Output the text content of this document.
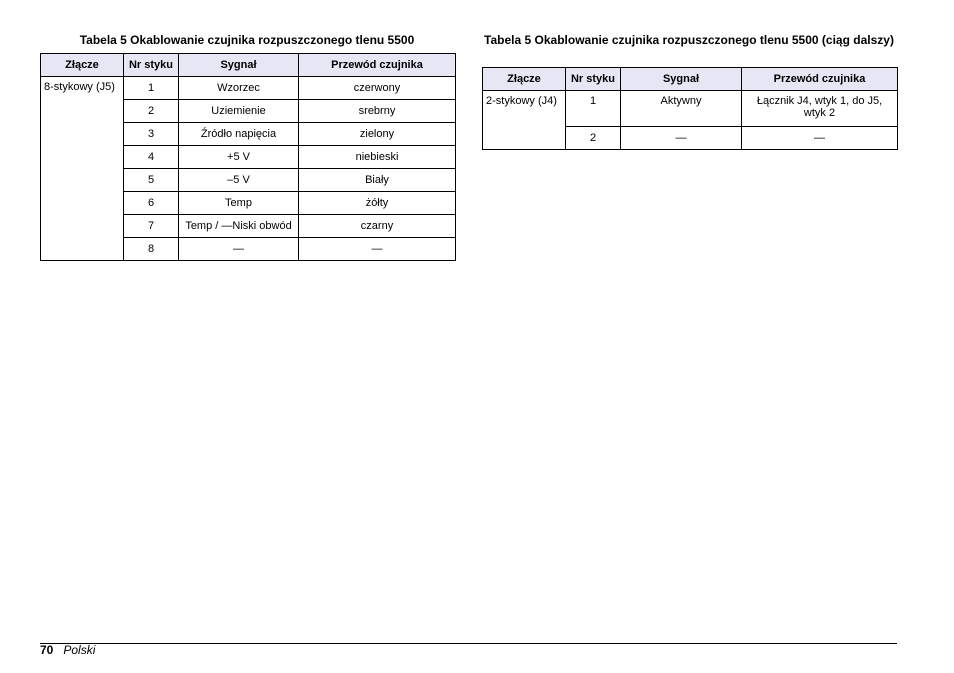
Tabela 5 Okablowanie czujnika rozpuszczonego tlenu 5500
Złącze	Nr styku	Sygnał	Przewód czujnika
8-stykowy (J5)	1	Wzorzec	czerwony
	2	Uziemienie	srebrny
	3	Źródło napięcia	zielony
	4	+5 V	niebieski
	5	–5 V	Biały
	6	Temp	żółty
	7	Temp / —Niski obwód	czarny
	8	—	—
Tabela 5 Okablowanie czujnika rozpuszczonego tlenu 5500 (ciąg dalszy)
Złącze	Nr styku	Sygnał	Przewód czujnika
2-stykowy (J4)	1	Aktywny	Łącznik J4, wtyk 1, do J5, wtyk 2
	2	—	—
70 Polski
